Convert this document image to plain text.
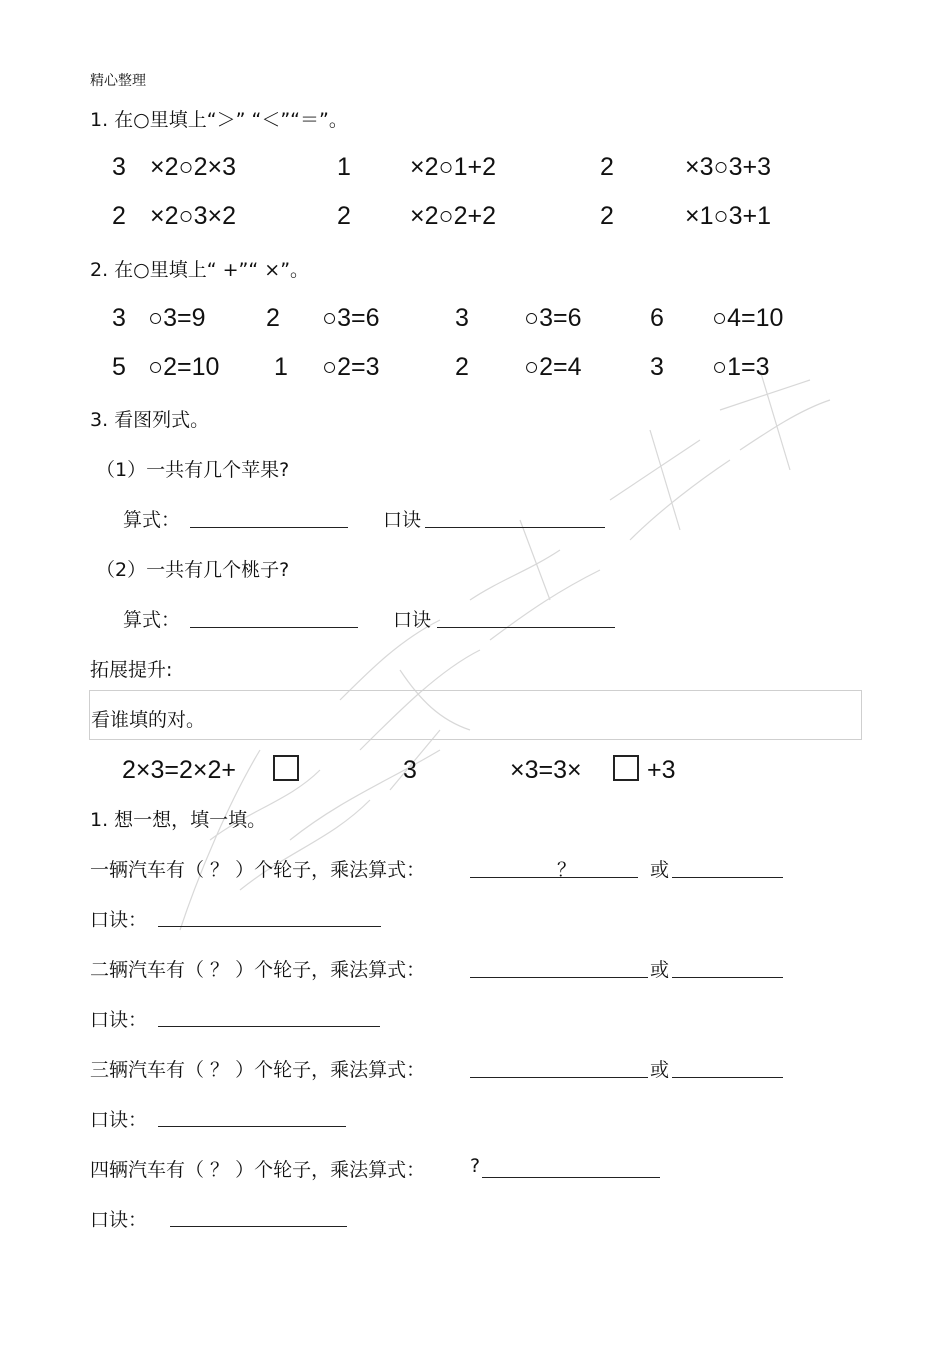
精心整理
1. 在○里填上“＞” “＜”“＝”。
3 ×2○2×3	1 ×2○1+2	2	×3○3+3
2 ×2○3×2	2 ×2○2+2	2	×1○3+1
2. 在○里填上“ +”“ ×”。
3 ○3=9 2 ○3=6	3 ○3=6	6 ○4=10
5 ○2=10 1 ○2=3	2 ○2=4	3 ○1=3
3. 看图列式。
（1）一共有几个苹果?
算式：	口诀
（2）一共有几个桃子?
算式：	口诀
拓展提升:
看谁填的对。
2×3=2×2+	3	×3=3×	+3
1. 想一想，填一填。
一辆汽车有（ ？ ）个轮子，乘法算式：	？	或
口诀：
二辆汽车有（ ？ ）个轮子，乘法算式：	或
口诀：
三辆汽车有（ ？ ）个轮子，乘法算式：	或
口诀：
四辆汽车有（ ？ ）个轮子，乘法算式： ?
口诀：
